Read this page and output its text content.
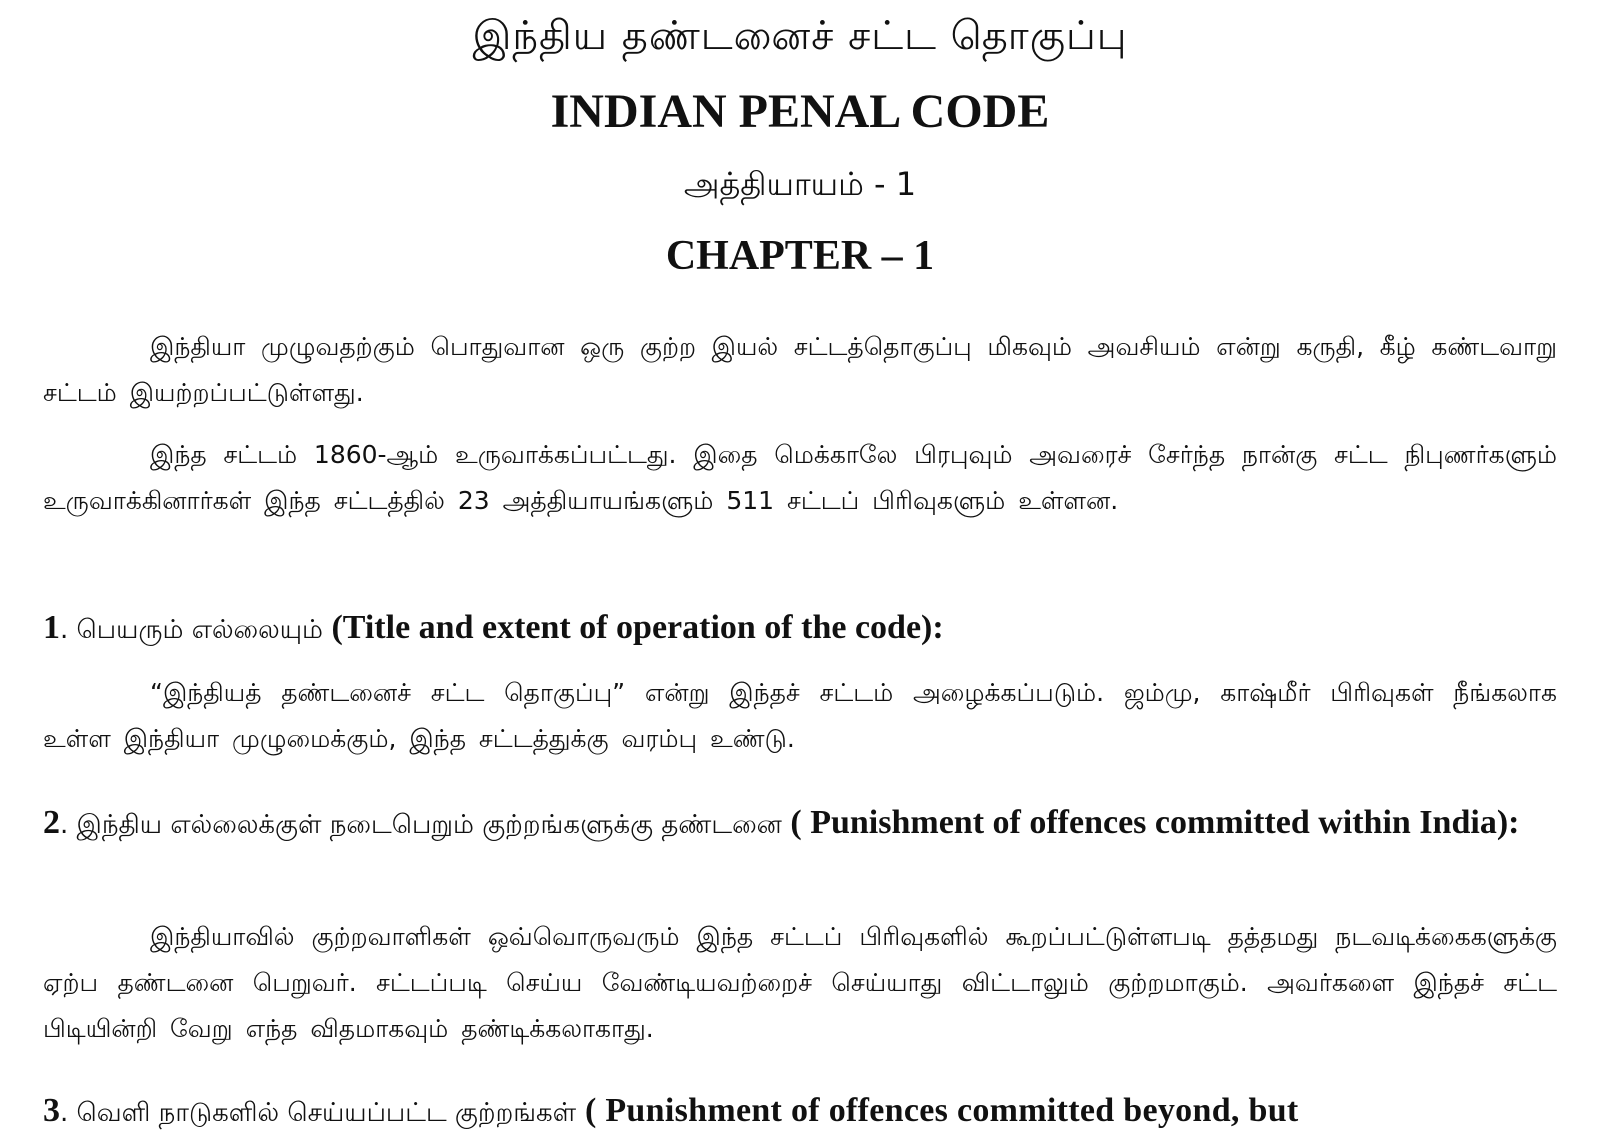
இந்திய தண்டனைச் சட்ட தொகுப்பு
INDIAN PENAL CODE
அத்தியாயம் - 1
CHAPTER – 1

இந்தியா முழுவதற்கும் பொதுவான ஒரு குற்ற இயல் சட்டத்தொகுப்பு மிகவும் அவசியம் என்று கருதி, கீழ் கண்டவாறு சட்டம் இயற்றப்பட்டுள்ளது.

இந்த சட்டம் 1860-ஆம் உருவாக்கப்பட்டது. இதை மெக்காலே பிரபுவும் அவரைச் சேர்ந்த நான்கு சட்ட நிபுணர்களும் உருவாக்கினார்கள் இந்த சட்டத்தில் 23 அத்தியாயங்களும் 511 சட்டப் பிரிவுகளும் உள்ளன.

1. பெயரும் எல்லையும் (Title and extent of operation of the code):

“இந்தியத் தண்டனைச் சட்ட தொகுப்பு” என்று இந்தச் சட்டம் அழைக்கப்படும். ஜம்மு, காஷ்மீர் பிரிவுகள் நீங்கலாக உள்ள இந்தியா முழுமைக்கும், இந்த சட்டத்துக்கு வரம்பு உண்டு.

2. இந்திய எல்லைக்குள் நடைபெறும் குற்றங்களுக்கு தண்டனை ( Punishment of offences committed within India):

இந்தியாவில் குற்றவாளிகள் ஒவ்வொருவரும் இந்த சட்டப் பிரிவுகளில் கூறப்பட்டுள்ளபடி தத்தமது நடவடிக்கைகளுக்கு ஏற்ப தண்டனை பெறுவர். சட்டப்படி செய்ய வேண்டியவற்றைச் செய்யாது விட்டாலும் குற்றமாகும். அவர்களை இந்தச் சட்ட பிடியின்றி வேறு எந்த விதமாகவும் தண்டிக்கலாகாது.

3. வெளி நாடுகளில் செய்யப்பட்ட குற்றங்கள் ( Punishment of offences committed beyond, but
